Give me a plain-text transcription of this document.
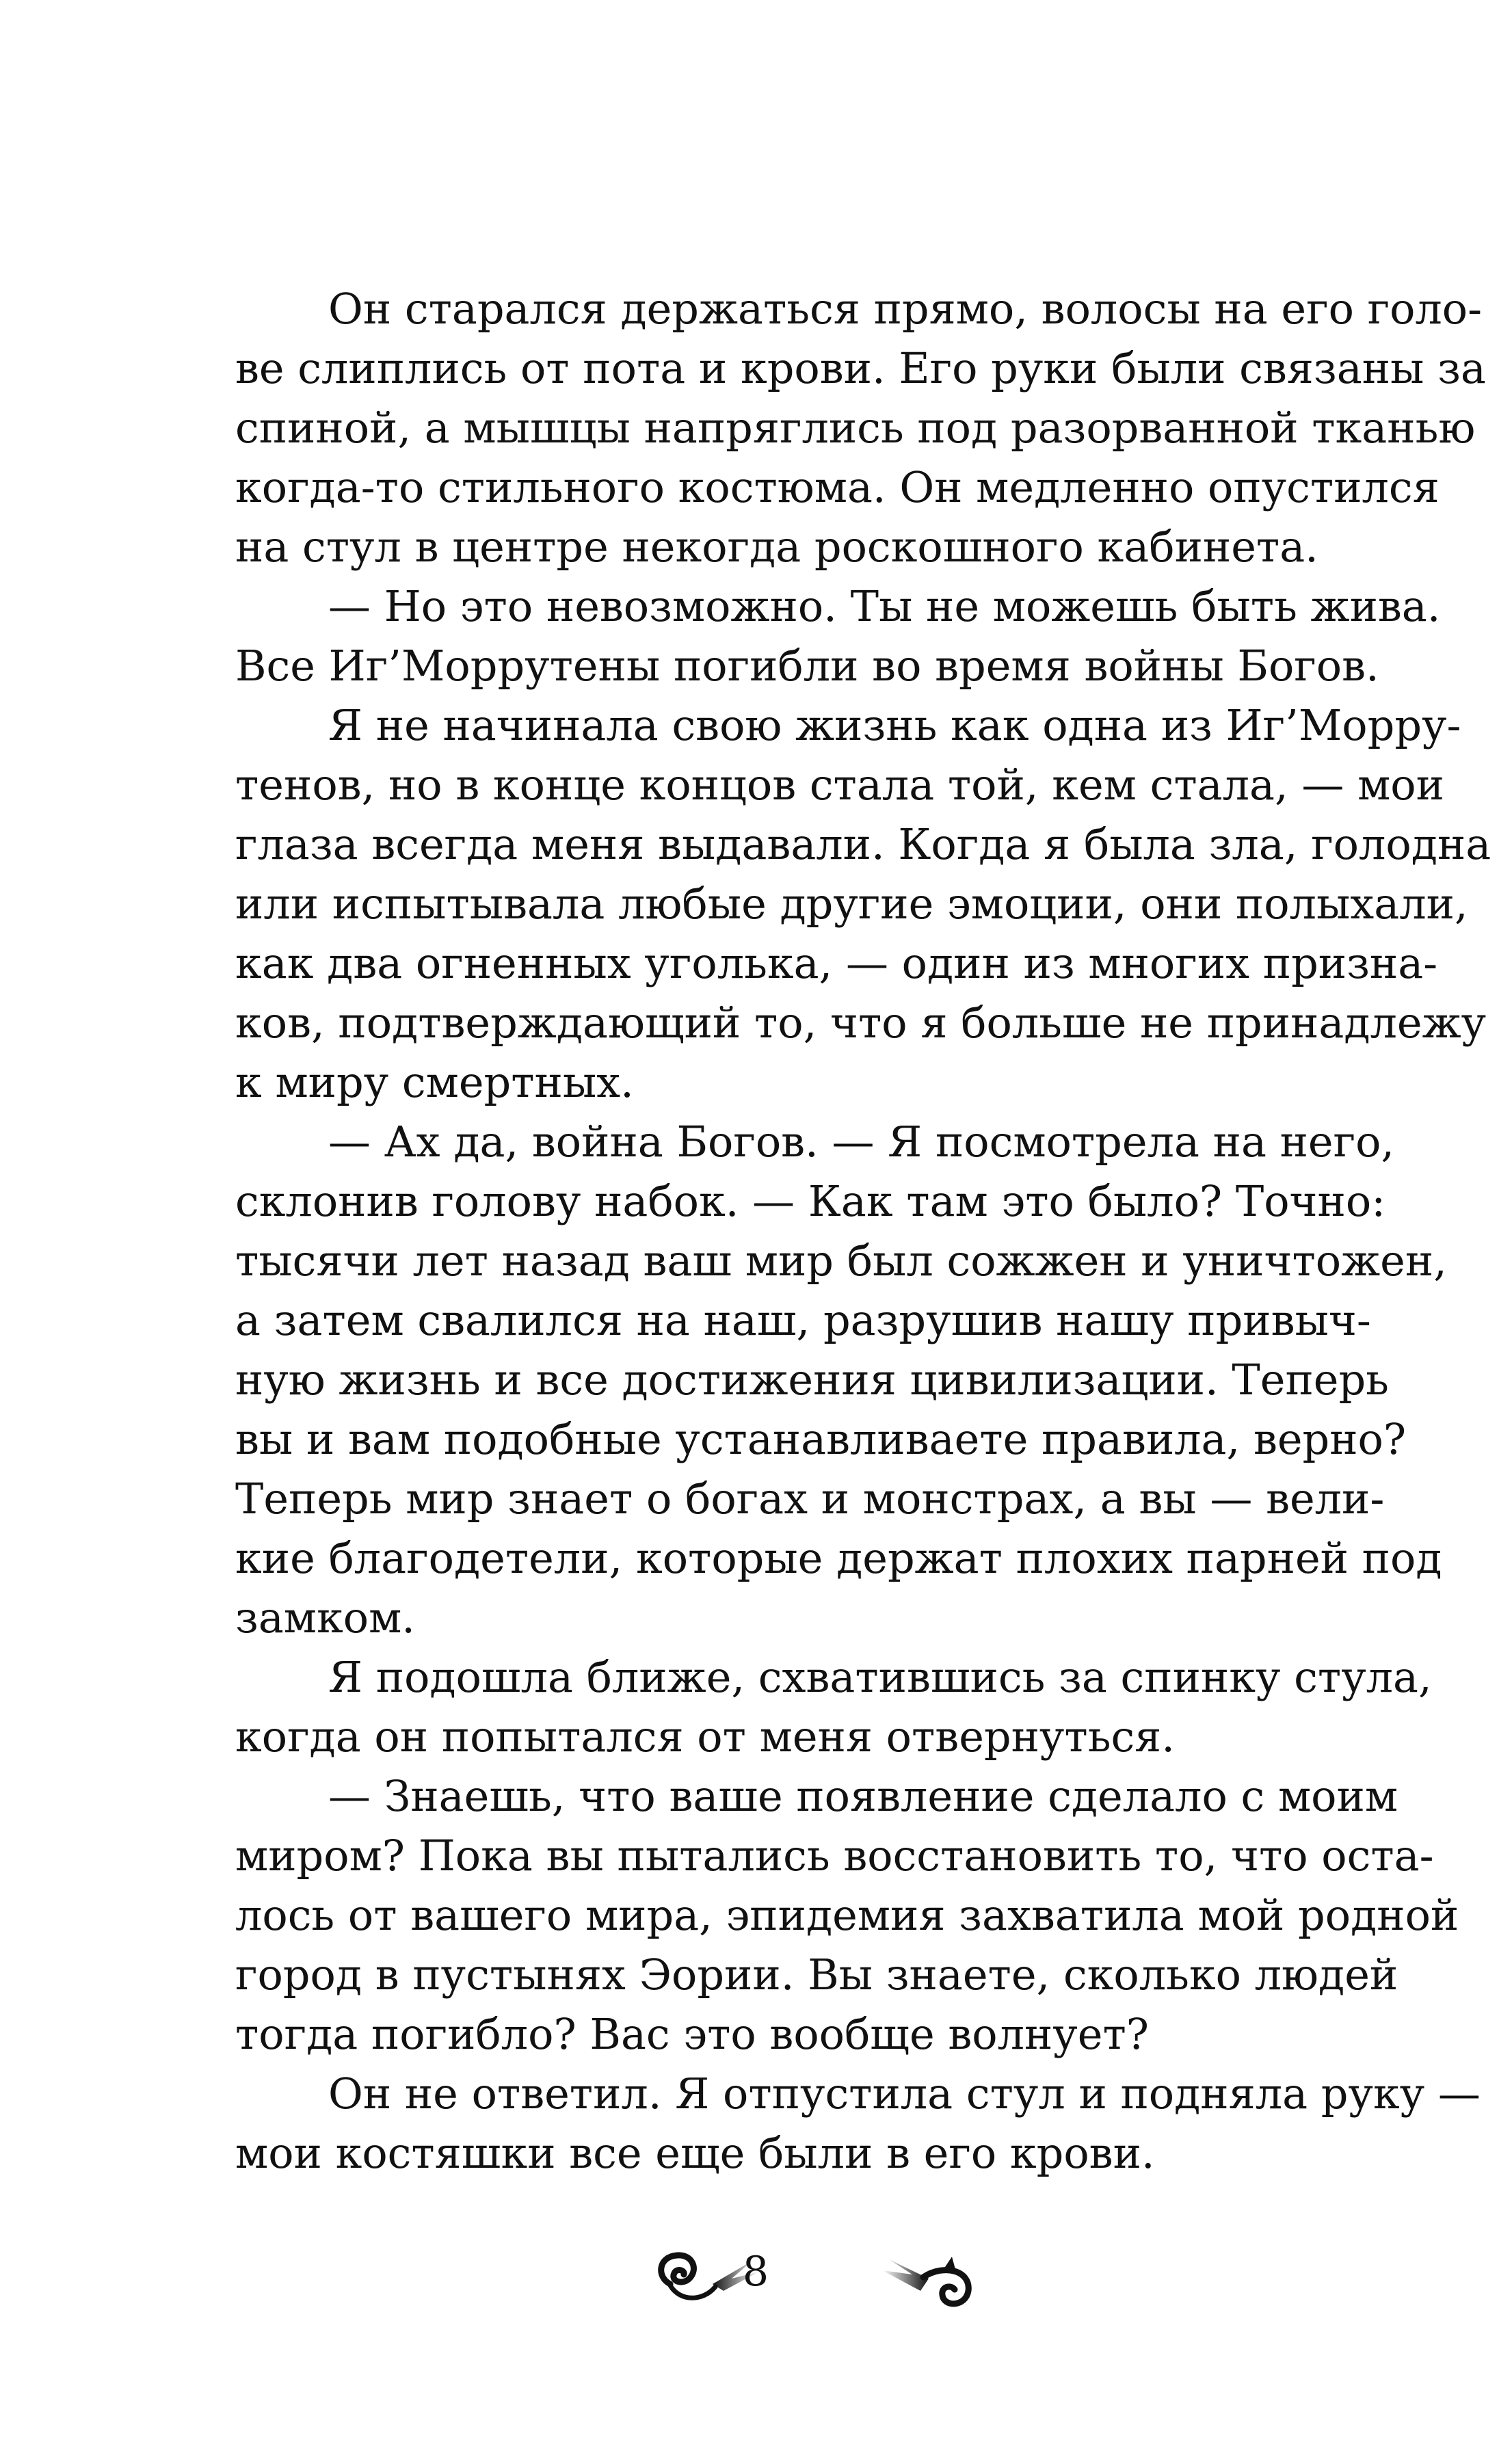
Он старался держаться прямо, волосы на его голо-
ве слиплись от пота и крови. Его руки были связаны за
спиной, а мышцы напряглись под разорванной тканью
когда-то стильного костюма. Он медленно опустился
на стул в центре некогда роскошного кабинета.
— Но это невозможно. Ты не можешь быть жива.
Все Иг’Моррутены погибли во время войны Богов.
Я не начинала свою жизнь как одна из Иг’Морру-
тенов, но в конце концов стала той, кем стала, — мои
глаза всегда меня выдавали. Когда я была зла, голодна
или испытывала любые другие эмоции, они полыхали,
как два огненных уголька, — один из многих призна-
ков, подтверждающий то, что я больше не принадлежу
к миру смертных.
— Ах да, война Богов. — Я посмотрела на него,
склонив голову набок. — Как там это было? Точно:
тысячи лет назад ваш мир был сожжен и уничтожен,
а затем свалился на наш, разрушив нашу привыч-
ную жизнь и все достижения цивилизации. Теперь
вы и вам подобные устанавливаете правила, верно?
Теперь мир знает о богах и монстрах, а вы — вели-
кие благодетели, которые держат плохих парней под
замком.
Я подошла ближе, схватившись за спинку стула,
когда он попытался от меня отвернуться.
— Знаешь, что ваше появление сделало с моим
миром? Пока вы пытались восстановить то, что оста-
лось от вашего мира, эпидемия захватила мой родной
город в пустынях Эории. Вы знаете, сколько людей
тогда погибло? Вас это вообще волнует?
Он не ответил. Я отпустила стул и подняла руку —
мои костяшки все еще были в его крови.
8
